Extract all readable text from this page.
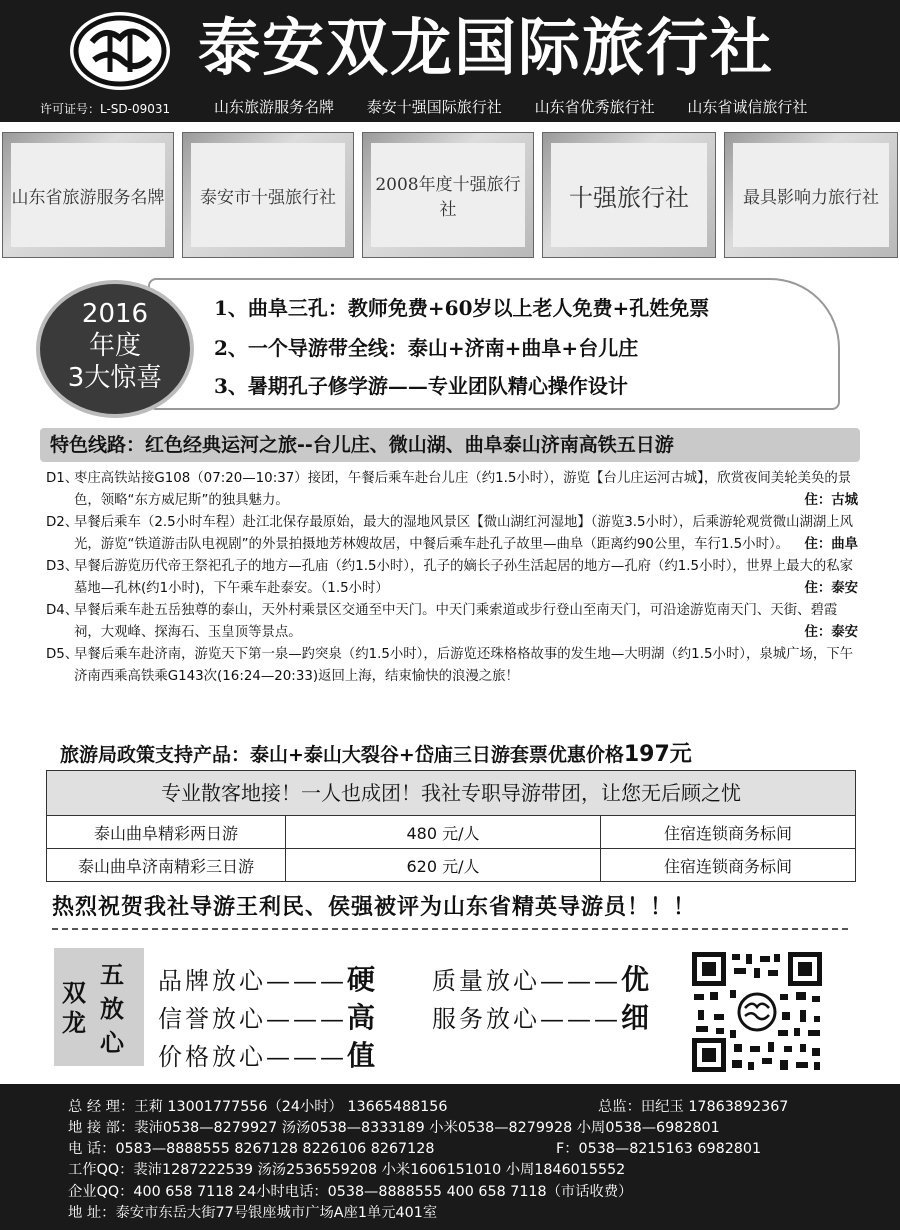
泰安双龙国际旅行社
许可证号：L-SD-09031	山东旅游服务名牌 泰安十强国际旅行社 山东省优秀旅行社 山东省诚信旅行社
山东省旅游服务名牌	泰安市十强旅行社
2008年度十强旅行社	十强旅行社	最具影响力旅行社
2016
年度
3大惊喜
1、曲阜三孔：教师免费+60岁以上老人免费+孔姓免票
2、一个导游带全线：泰山+济南+曲阜+台儿庄
3、暑期孔子修学游——专业团队精心操作设计
特色线路：红色经典运河之旅--台儿庄、微山湖、曲阜泰山济南高铁五日游
D1、
枣庄高铁站接G108（07:20—10:37）接团，午餐后乘车赴台儿庄（约1.5小时），游览【台儿庄运河古城】，欣赏夜间美轮美奂的景色，领略“东方威尼斯”的独具魅力。	住：古城
D2、
早餐后乘车（2.5小时车程）赴江北保存最原始，最大的湿地风景区【微山湖红河湿地】（游览3.5小时），后乘游轮观赏微山湖湖上风光，游览“铁道游击队电视剧”的外景拍摄地芳林嫂故居，中餐后乘车赴孔子故里—曲阜（距离约90公里，车行1.5小时）。 住：曲阜
D3、
早餐后游览历代帝王祭祀孔子的地方—孔庙（约1.5小时），孔子的嫡长子孙生活起居的地方—孔府（约1.5小时），世界上最大的私家墓地—孔林(约1小时)，下午乘车赴泰安。（1.5小时）	住：泰安
D4、
早餐后乘车赴五岳独尊的泰山，天外村乘景区交通至中天门。中天门乘索道或步行登山至南天门，可沿途游览南天门、天街、碧霞祠，大观峰、探海石、玉皇顶等景点。	住：泰安
D5、
早餐后乘车赴济南，游览天下第一泉—趵突泉（约1.5小时），后游览还珠格格故事的发生地—大明湖（约1.5小时），泉城广场，下午济南西乘高铁乘G143次(16:24—20:33)返回上海，结束愉快的浪漫之旅！
旅游局政策支持产品：泰山+泰山大裂谷+岱庙三日游套票优惠价格197元
专业散客地接！一人也成团！我社专职导游带团，让您无后顾之忧
泰山曲阜精彩两日游	480 元/人	住宿连锁商务标间
泰山曲阜济南精彩三日游	620 元/人	住宿连锁商务标间
热烈祝贺我社导游王利民、侯强被评为山东省精英导游员！！！
双龙
五放心
品牌放心———硬 质量放心———优
信誉放心———高 服务放心———细
价格放心———值
总 经 理：王莉 13001777556（24小时） 13665488156	总监：田纪玉 17863892367
地 接 部：裴沛0538—8279927 汤汤0538—8333189 小米0538—8279928 小周0538—6982801
电 话：0583—8888555 8267128 8226106 8267128	F：0538—8215163 6982801
工作QQ：裴沛1287222539 汤汤2536559208 小米1606151010 小周1846015552
企业QQ：400 658 7118 24小时电话：0538—8888555 400 658 7118（市话收费）
地 址：泰安市东岳大街77号银座城市广场A座1单元401室
